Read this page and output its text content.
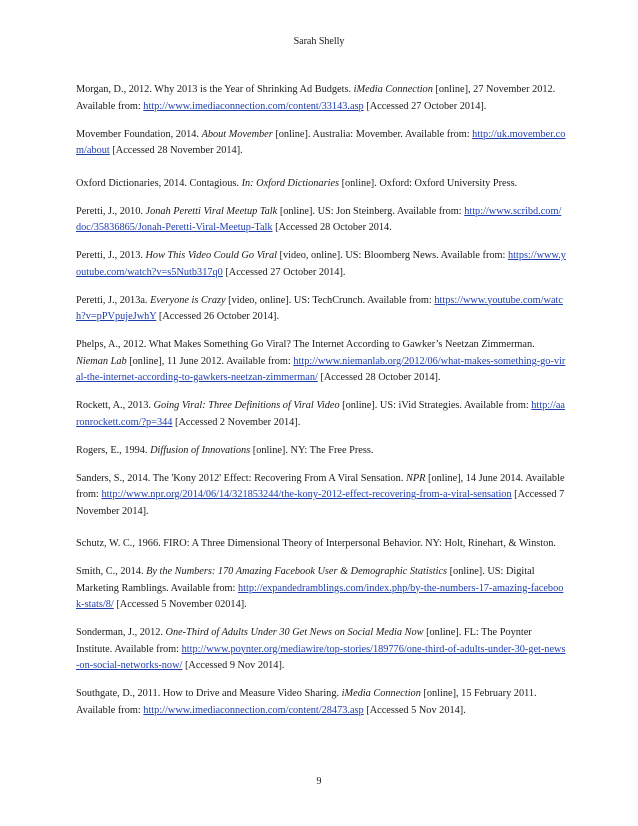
Sarah Shelly

Morgan, D., 2012. Why 2013 is the Year of Shrinking Ad Budgets. iMedia Connection [online], 27 November 2012. Available from: http://www.imediaconnection.com/content/33143.asp [Accessed 27 October 2014].

Movember Foundation, 2014. About Movember [online]. Australia: Movember. Available from: http://uk.movember.com/about [Accessed 28 November 2014].

Oxford Dictionaries, 2014. Contagious. In: Oxford Dictionaries [online]. Oxford: Oxford University Press.

Peretti, J., 2010. Jonah Peretti Viral Meetup Talk [online]. US: Jon Steinberg. Available from: http://www.scribd.com/doc/35836865/Jonah-Peretti-Viral-Meetup-Talk [Accessed 28 October 2014.

Peretti, J., 2013. How This Video Could Go Viral [video, online]. US: Bloomberg News. Available from: https://www.youtube.com/watch?v=s5Nutb317q0 [Accessed 27 October 2014].

Peretti, J., 2013a. Everyone is Crazy [video, online]. US: TechCrunch. Available from: https://www.youtube.com/watch?v=pPVpujeJwhY [Accessed 26 October 2014].

Phelps, A., 2012. What Makes Something Go Viral? The Internet According to Gawker’s Neetzan Zimmerman. Nieman Lab [online], 11 June 2012. Available from: http://www.niemanlab.org/2012/06/what-makes-something-go-viral-the-internet-according-to-gawkers-neetzan-zimmerman/ [Accessed 28 October 2014].

Rockett, A., 2013. Going Viral: Three Definitions of Viral Video [online]. US: iVid Strategies. Available from: http://aaronrockett.com/?p=344 [Accessed 2 November 2014].

Rogers, E., 1994. Diffusion of Innovations [online]. NY: The Free Press.

Sanders, S., 2014. The 'Kony 2012' Effect: Recovering From A Viral Sensation. NPR [online], 14 June 2014. Available from: http://www.npr.org/2014/06/14/321853244/the-kony-2012-effect-recovering-from-a-viral-sensation [Accessed 7 November 2014].

Schutz, W. C., 1966. FIRO: A Three Dimensional Theory of Interpersonal Behavior. NY: Holt, Rinehart, & Winston.

Smith, C., 2014. By the Numbers: 170 Amazing Facebook User & Demographic Statistics [online]. US: Digital Marketing Ramblings. Available from: http://expandedramblings.com/index.php/by-the-numbers-17-amazing-facebook-stats/8/ [Accessed 5 November 02014].

Sonderman, J., 2012. One-Third of Adults Under 30 Get News on Social Media Now [online]. FL: The Poynter Institute. Available from: http://www.poynter.org/mediawire/top-stories/189776/one-third-of-adults-under-30-get-news-on-social-networks-now/ [Accessed 9 Nov 2014].

Southgate, D., 2011. How to Drive and Measure Video Sharing. iMedia Connection [online], 15 February 2011. Available from: http://www.imediaconnection.com/content/28473.asp [Accessed 5 Nov 2014].

9
